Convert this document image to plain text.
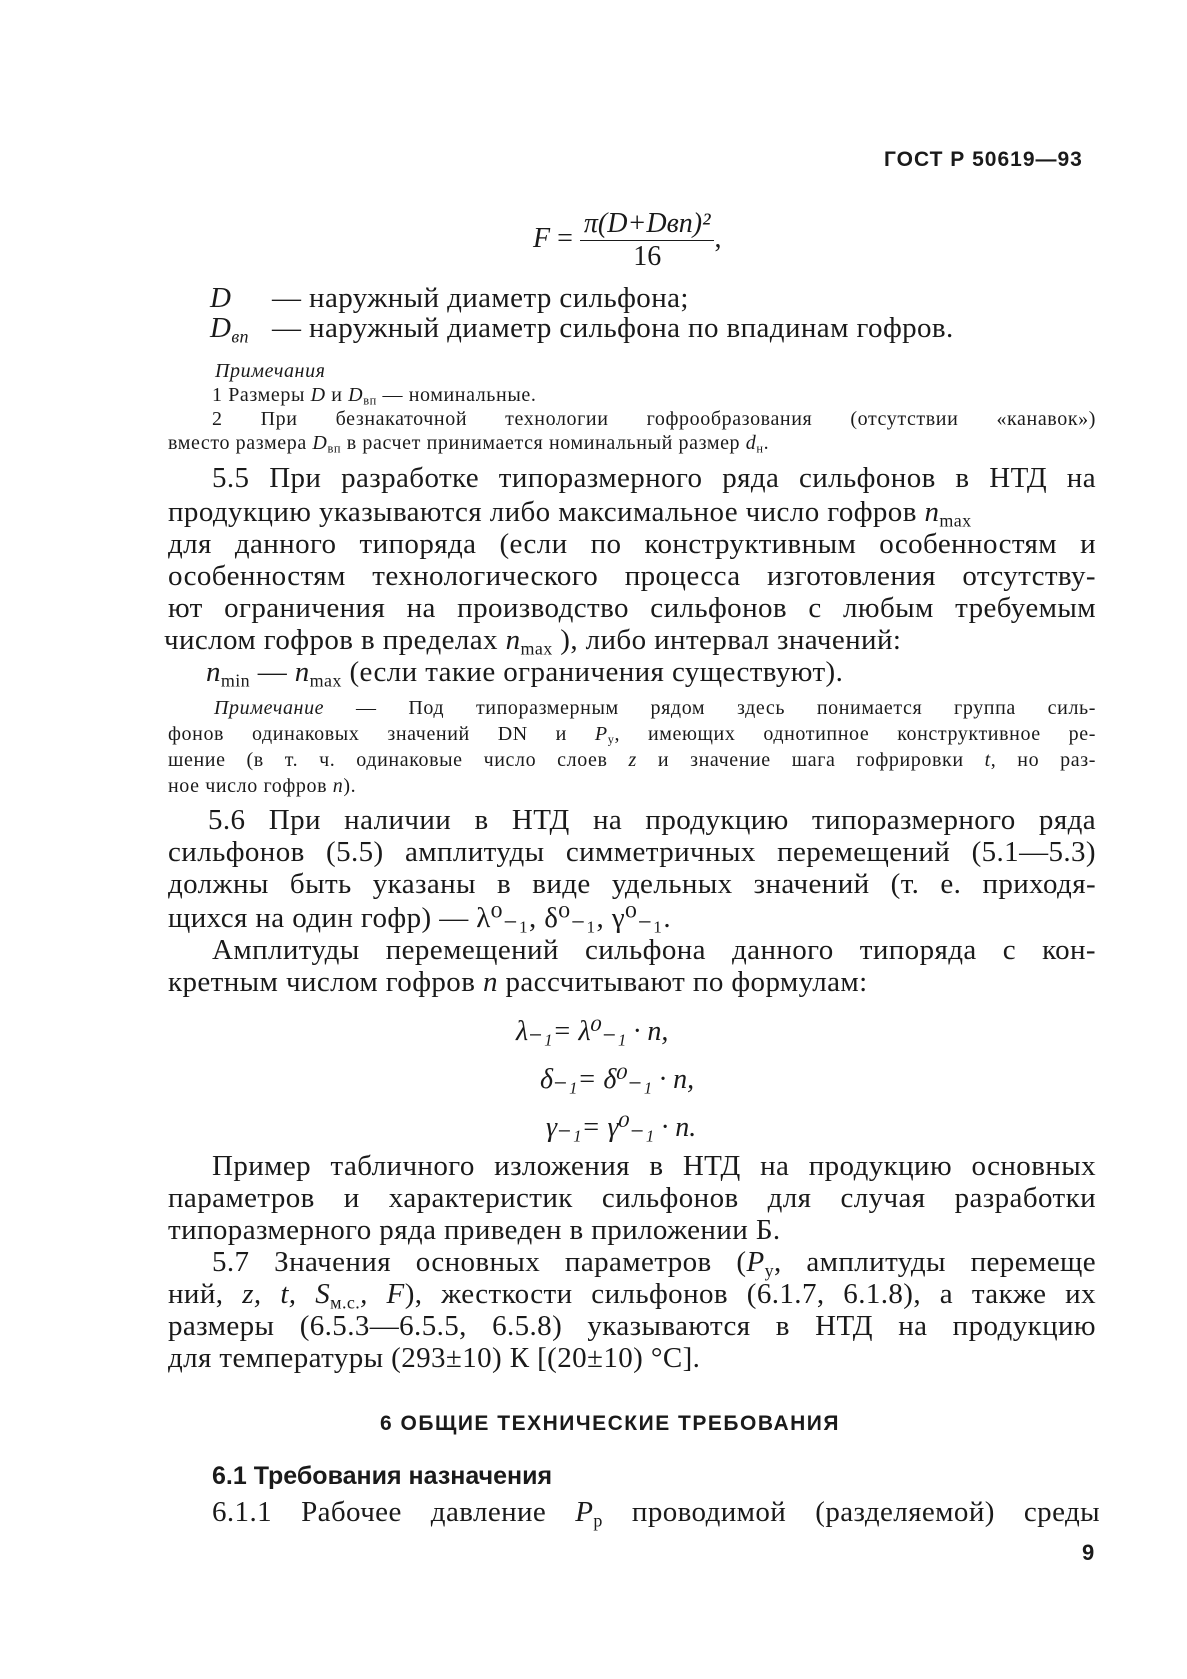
ГОСТ Р 50619—93
$F = \frac{\text{π(D+Dвп)²}}{16}$ ,
D — наружный диаметр сильфона;
$D_{вп}$ — наружный диаметр сильфона по впадинам гофров.
Примечания
1 Размеры D и $D_{вп}$ — номинальные.
2 При безнакаточной технологии гофрообразования (отсутствии «канавок»)
вместо размера $D_{вп}$ в расчет принимается номинальный размер $d_н$.
5.5 При разработке типоразмерного ряда сильфонов в НТД на
продукцию указываются либо максимальное число гофров $n_{max}$
для данного типоряда (если по конструктивным особенностям и
особенностям технологического процесса изготовления отсутству-
ют ограничения на производство сильфонов с любым требуемым
числом гофров в пределах $n_{max}$ ), либо интервал значений:
$n_{min}$ — $n_{max}$ (если такие ограничения существуют).
Примечание — Под типоразмерным рядом здесь понимается группа силь-
фонов одинаковых значений DN и $P_у$, имеющих однотипное конструктивное ре-
шение (в т. ч. одинаковые число слоев z и значение шага гофрировки t, но раз-
ное число гофров n).
5.6 При наличии в НТД на продукцию типоразмерного ряда
сильфонов (5.5) амплитуды симметричных перемещений (5.1—5.3)
должны быть указаны в виде удельных значений (т. е. приходя-
щихся на один гофр) — λ⁰₋₁, δ⁰₋₁, γ⁰₋₁.
Амплитуды перемещений сильфона данного типоряда с кон-
кретным числом гофров n рассчитывают по формулам:
λ₋₁= λ⁰₋₁ · n,
δ₋₁= δ⁰₋₁ · n,
γ₋₁= γ⁰₋₁ · n.
Пример табличного изложения в НТД на продукцию основных
параметров и характеристик сильфонов для случая разработки
типоразмерного ряда приведен в приложении Б.
5.7 Значения основных параметров ($P_у$, амплитуды перемеще
ний, z, t, $S_{м.с.}$, F), жесткости сильфонов (6.1.7, 6.1.8), а также их
размеры (6.5.3—6.5.5, 6.5.8) указываются в НТД на продукцию
для температуры (293±10) К [(20±10) °С].
6 ОБЩИЕ ТЕХНИЧЕСКИЕ ТРЕБОВАНИЯ
6.1 Требования назначения
6.1.1 Рабочее давление $P_р$ проводимой (разделяемой) среды
9
